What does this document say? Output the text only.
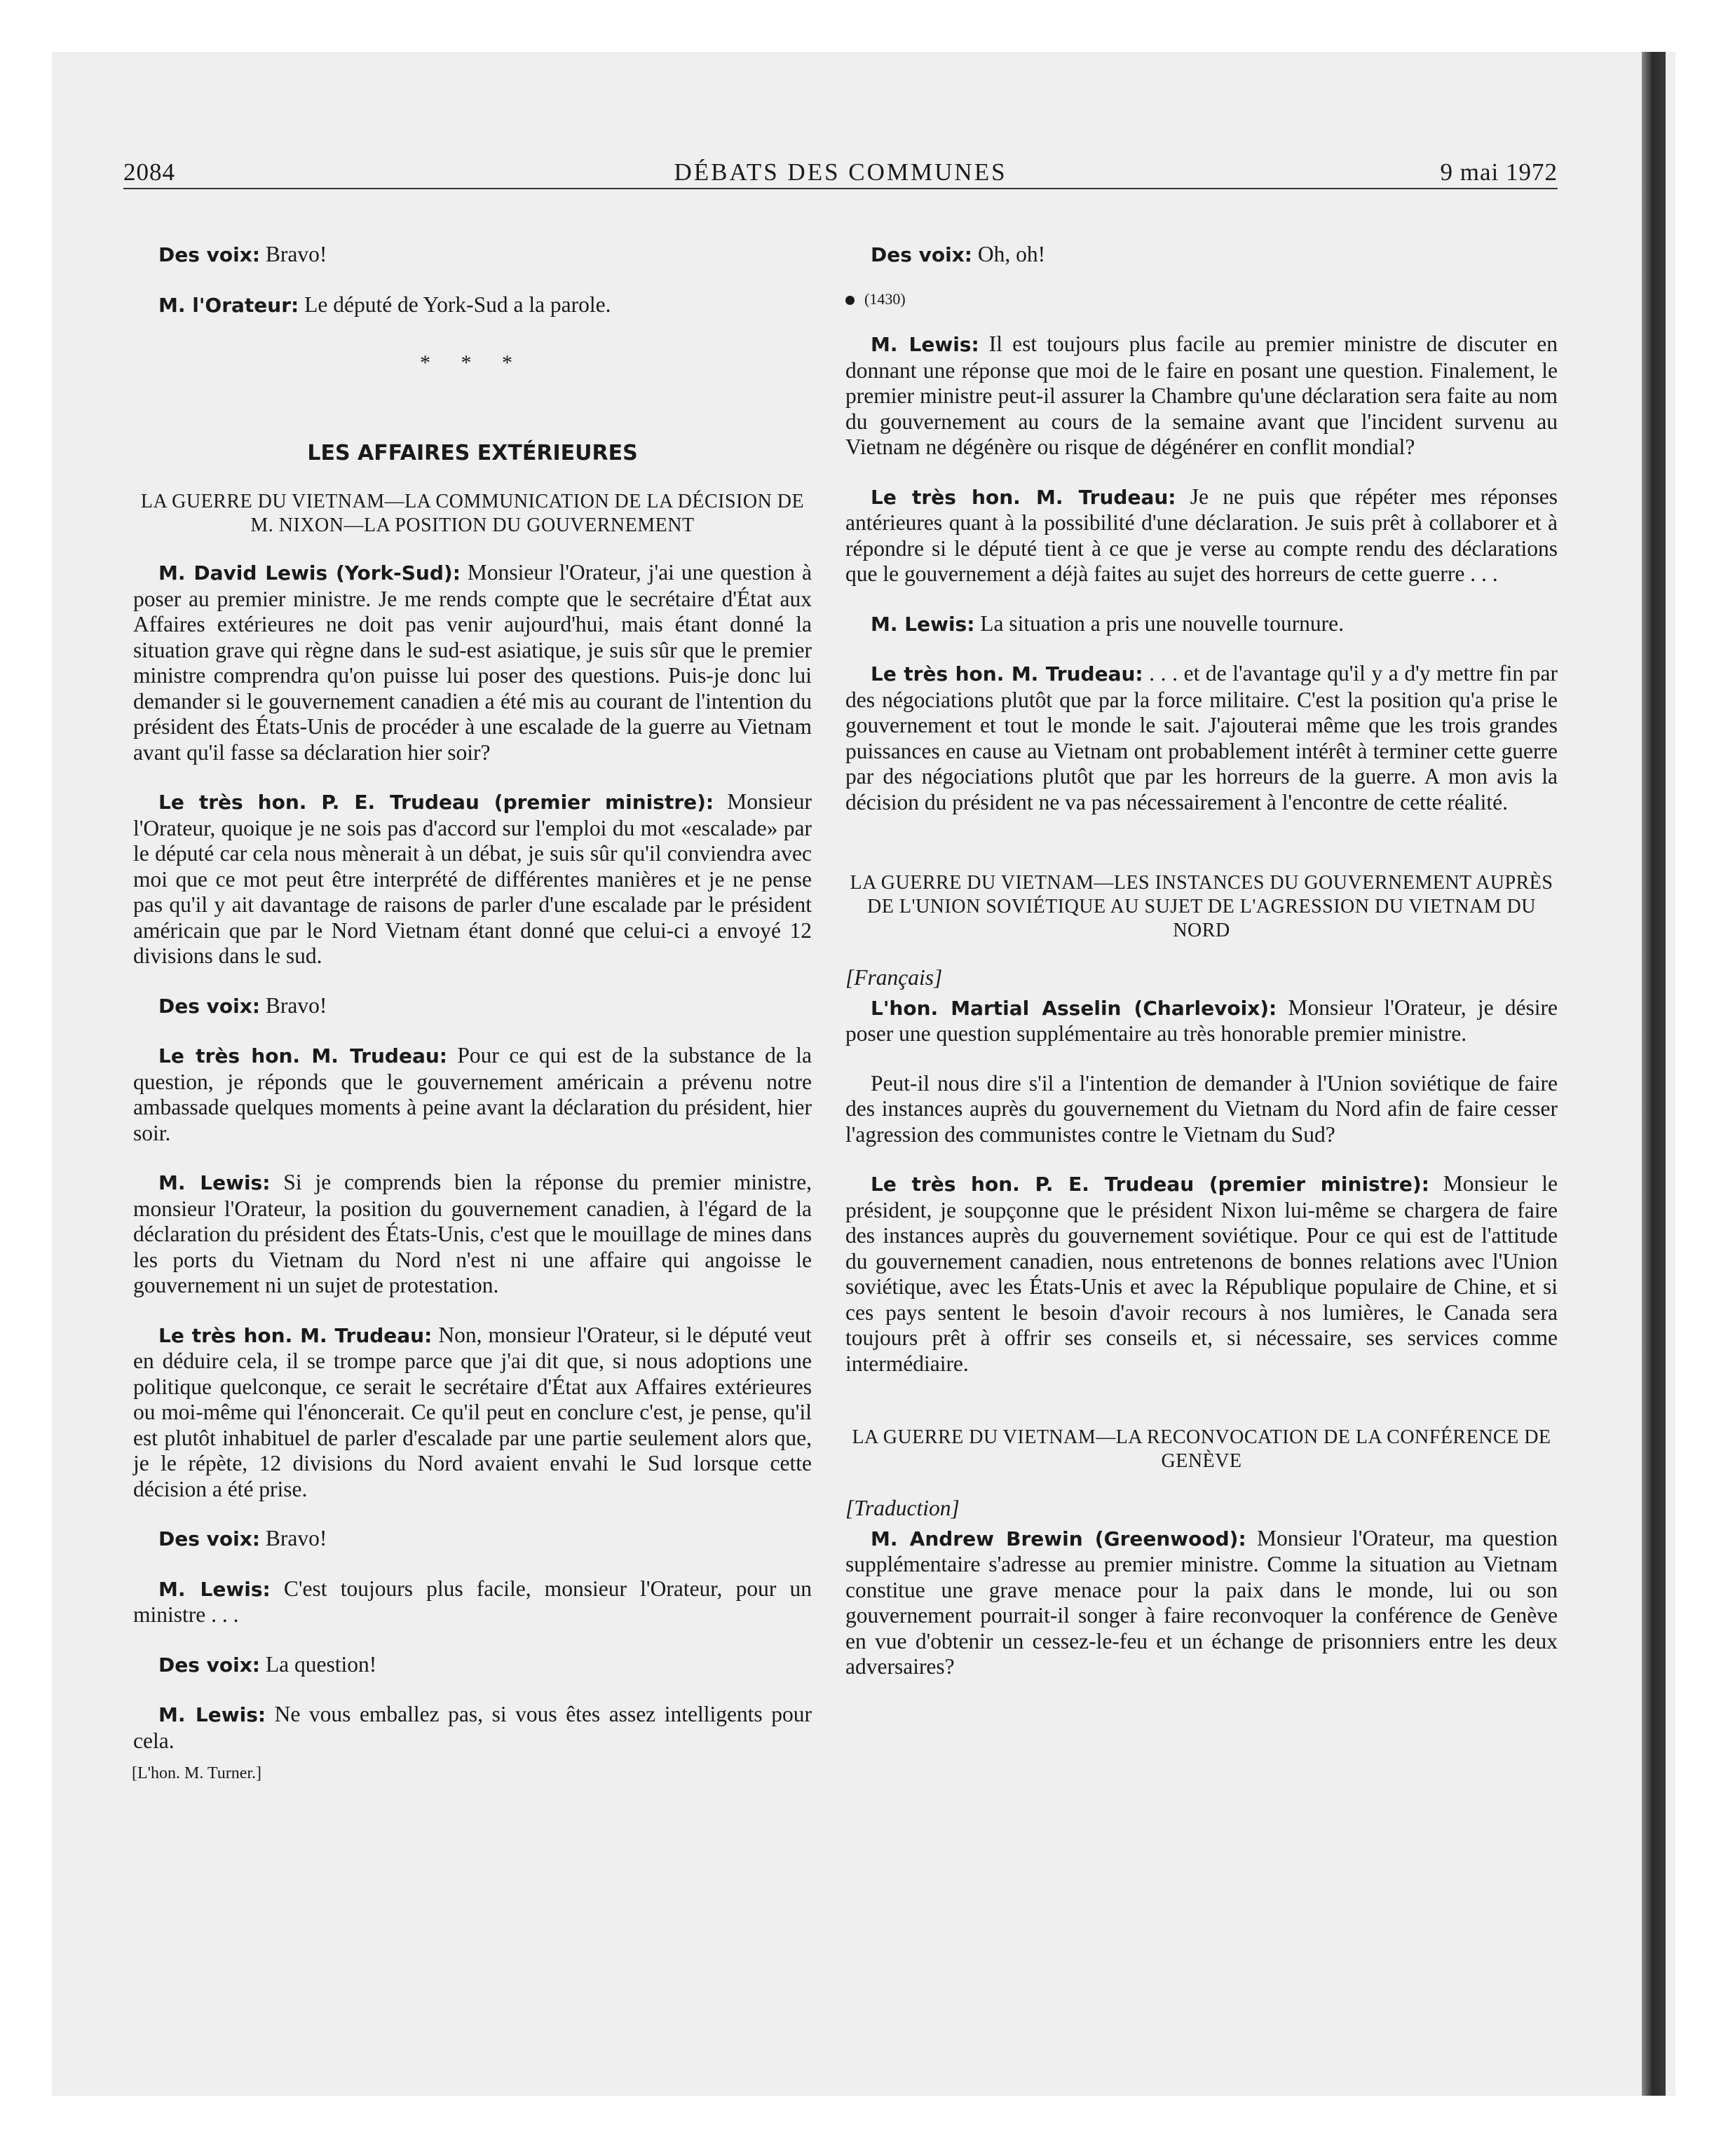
2084	DÉBATS DES COMMUNES	9 mai 1972

Des voix: Bravo!

M. l'Orateur: Le député de York-Sud a la parole.

* * *
LES AFFAIRES EXTÉRIEURES
LA GUERRE DU VIETNAM—LA COMMUNICATION DE LA DÉCISION DE M. NIXON—LA POSITION DU GOUVERNEMENT

M. David Lewis (York-Sud): Monsieur l'Orateur, j'ai une question à poser au premier ministre. Je me rends compte que le secrétaire d'État aux Affaires extérieures ne doit pas venir aujourd'hui, mais étant donné la situation grave qui règne dans le sud-est asiatique, je suis sûr que le premier ministre comprendra qu'on puisse lui poser des questions. Puis-je donc lui demander si le gouvernement canadien a été mis au courant de l'intention du président des États-Unis de procéder à une escalade de la guerre au Vietnam avant qu'il fasse sa déclaration hier soir?

Le très hon. P. E. Trudeau (premier ministre): Monsieur l'Orateur, quoique je ne sois pas d'accord sur l'emploi du mot «escalade» par le député car cela nous mènerait à un débat, je suis sûr qu'il conviendra avec moi que ce mot peut être interprété de différentes manières et je ne pense pas qu'il y ait davantage de raisons de parler d'une escalade par le président américain que par le Nord Vietnam étant donné que celui-ci a envoyé 12 divisions dans le sud.

Des voix: Bravo!

Le très hon. M. Trudeau: Pour ce qui est de la substance de la question, je réponds que le gouvernement américain a prévenu notre ambassade quelques moments à peine avant la déclaration du président, hier soir.

M. Lewis: Si je comprends bien la réponse du premier ministre, monsieur l'Orateur, la position du gouvernement canadien, à l'égard de la déclaration du président des États-Unis, c'est que le mouillage de mines dans les ports du Vietnam du Nord n'est ni une affaire qui angoisse le gouvernement ni un sujet de protestation.

Le très hon. M. Trudeau: Non, monsieur l'Orateur, si le député veut en déduire cela, il se trompe parce que j'ai dit que, si nous adoptions une politique quelconque, ce serait le secrétaire d'État aux Affaires extérieures ou moi-même qui l'énoncerait. Ce qu'il peut en conclure c'est, je pense, qu'il est plutôt inhabituel de parler d'escalade par une partie seulement alors que, je le répète, 12 divisions du Nord avaient envahi le Sud lorsque cette décision a été prise.

Des voix: Bravo!

M. Lewis: C'est toujours plus facile, monsieur l'Orateur, pour un ministre . . .

Des voix: La question!

M. Lewis: Ne vous emballez pas, si vous êtes assez intelligents pour cela.

[L'hon. M. Turner.]

Des voix: Oh, oh!

(1430)

M. Lewis: Il est toujours plus facile au premier ministre de discuter en donnant une réponse que moi de le faire en posant une question. Finalement, le premier ministre peut-il assurer la Chambre qu'une déclaration sera faite au nom du gouvernement au cours de la semaine avant que l'incident survenu au Vietnam ne dégénère ou risque de dégénérer en conflit mondial?

Le très hon. M. Trudeau: Je ne puis que répéter mes réponses antérieures quant à la possibilité d'une déclaration. Je suis prêt à collaborer et à répondre si le député tient à ce que je verse au compte rendu des déclarations que le gouvernement a déjà faites au sujet des horreurs de cette guerre . . .

M. Lewis: La situation a pris une nouvelle tournure.

Le très hon. M. Trudeau: . . . et de l'avantage qu'il y a d'y mettre fin par des négociations plutôt que par la force militaire. C'est la position qu'a prise le gouvernement et tout le monde le sait. J'ajouterai même que les trois grandes puissances en cause au Vietnam ont probablement intérêt à terminer cette guerre par des négociations plutôt que par les horreurs de la guerre. A mon avis la décision du président ne va pas nécessairement à l'encontre de cette réalité.

LA GUERRE DU VIETNAM—LES INSTANCES DU GOUVERNEMENT AUPRÈS DE L'UNION SOVIÉTIQUE AU SUJET DE L'AGRESSION DU VIETNAM DU NORD

[Français]

L'hon. Martial Asselin (Charlevoix): Monsieur l'Orateur, je désire poser une question supplémentaire au très honorable premier ministre.

Peut-il nous dire s'il a l'intention de demander à l'Union soviétique de faire des instances auprès du gouvernement du Vietnam du Nord afin de faire cesser l'agression des communistes contre le Vietnam du Sud?

Le très hon. P. E. Trudeau (premier ministre): Monsieur le président, je soupçonne que le président Nixon lui-même se chargera de faire des instances auprès du gouvernement soviétique. Pour ce qui est de l'attitude du gouvernement canadien, nous entretenons de bonnes relations avec l'Union soviétique, avec les États-Unis et avec la République populaire de Chine, et si ces pays sentent le besoin d'avoir recours à nos lumières, le Canada sera toujours prêt à offrir ses conseils et, si nécessaire, ses services comme intermédiaire.

LA GUERRE DU VIETNAM—LA RECONVOCATION DE LA CONFÉRENCE DE GENÈVE

[Traduction]

M. Andrew Brewin (Greenwood): Monsieur l'Orateur, ma question supplémentaire s'adresse au premier ministre. Comme la situation au Vietnam constitue une grave menace pour la paix dans le monde, lui ou son gouvernement pourrait-il songer à faire reconvoquer la conférence de Genève en vue d'obtenir un cessez-le-feu et un échange de prisonniers entre les deux adversaires?
